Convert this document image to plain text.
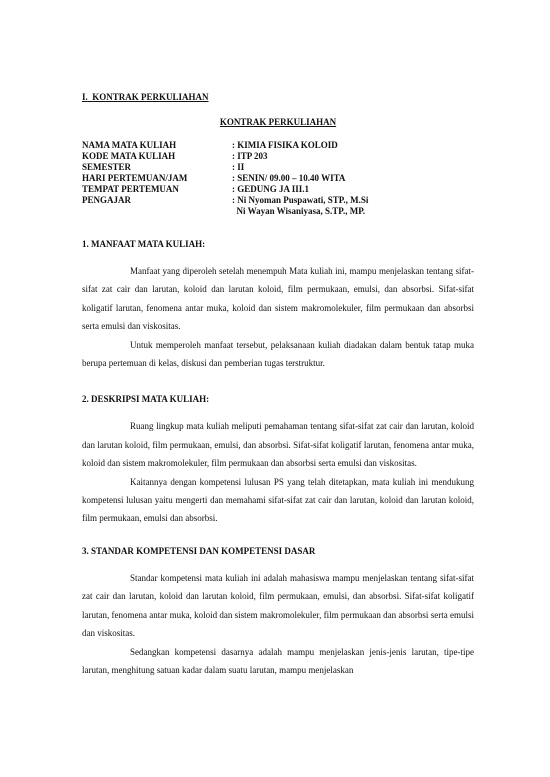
I. KONTRAK PERKULIAHAN
KONTRAK PERKULIAHAN
NAMA MATA KULIAH	: KIMIA FISIKA KOLOID
KODE MATA KULIAH	: ITP 203
SEMESTER	: II
HARI PERTEMUAN/JAM	: SENIN/ 09.00 – 10.40 WITA
TEMPAT PERTEMUAN	: GEDUNG JA III.1
PENGAJAR	: Ni Nyoman Puspawati, STP., M.Si
	Ni Wayan Wisaniyasa, S.TP., MP.
1. MANFAAT MATA KULIAH:

Manfaat yang diperoleh setelah menempuh Mata kuliah ini, mampu menjelaskan tentang sifat-sifat zat cair dan larutan, koloid dan larutan koloid, film permukaan, emulsi, dan absorbsi. Sifat-sifat koligatif larutan, fenomena antar muka, koloid dan sistem makromolekuler, film permukaan dan absorbsi serta emulsi dan viskositas.

Untuk memperoleh manfaat tersebut, pelaksanaan kuliah diadakan dalam bentuk tatap muka berupa pertemuan di kelas, diskusi dan pemberian tugas terstruktur.

2. DESKRIPSI MATA KULIAH:

Ruang lingkup mata kuliah meliputi pemahaman tentang sifat-sifat zat cair dan larutan, koloid dan larutan koloid, film permukaan, emulsi, dan absorbsi. Sifat-sifat koligatif larutan, fenomena antar muka, koloid dan sistem makromolekuler, film permukaan dan absorbsi serta emulsi dan viskositas.

Kaitannya dengan kompetensi lulusan PS yang telah ditetapkan, mata kuliah ini mendukung kompetensi lulusan yaitu mengerti dan memahami sifat-sifat zat cair dan larutan, koloid dan larutan koloid, film permukaan, emulsi dan absorbsi.

3. STANDAR KOMPETENSI DAN KOMPETENSI DASAR

Standar kompetensi mata kuliah ini adalah mahasiswa mampu menjelaskan tentang sifat-sifat zat cair dan larutan, koloid dan larutan koloid, film permukaan, emulsi, dan absorbsi. Sifat-sifat koligatif larutan, fenomena antar muka, koloid dan sistem makromolekuler, film permukaan dan absorbsi serta emulsi dan viskositas.

Sedangkan kompetensi dasarnya adalah mampu menjelaskan jenis-jenis larutan, tipe-tipe larutan, menghitung satuan kadar dalam suatu larutan, mampu menjelaskan
